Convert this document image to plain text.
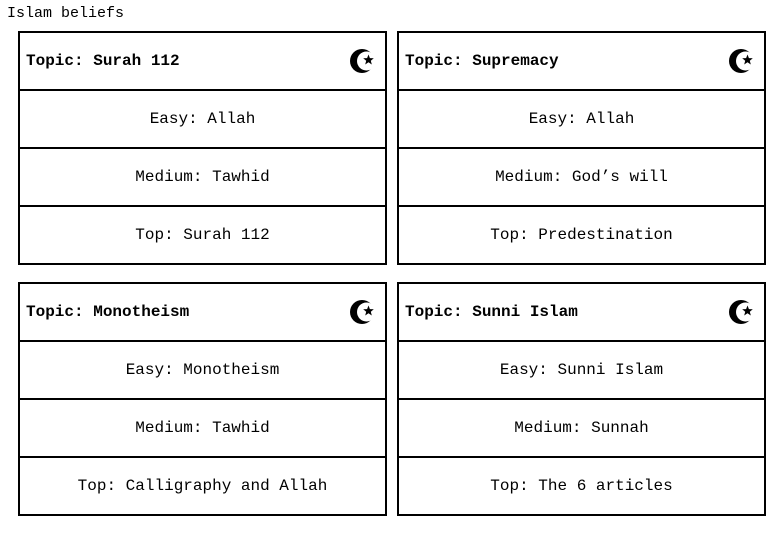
Islam beliefs
Topic: Surah 112
Easy: Allah
Medium: Tawhid
Top: Surah 112
Topic: Supremacy
Easy: Allah
Medium: God’s will
Top: Predestination
Topic: Monotheism
Easy: Monotheism
Medium: Tawhid
Top: Calligraphy and Allah
Topic: Sunni Islam
Easy: Sunni Islam
Medium: Sunnah
Top: The 6 articles
